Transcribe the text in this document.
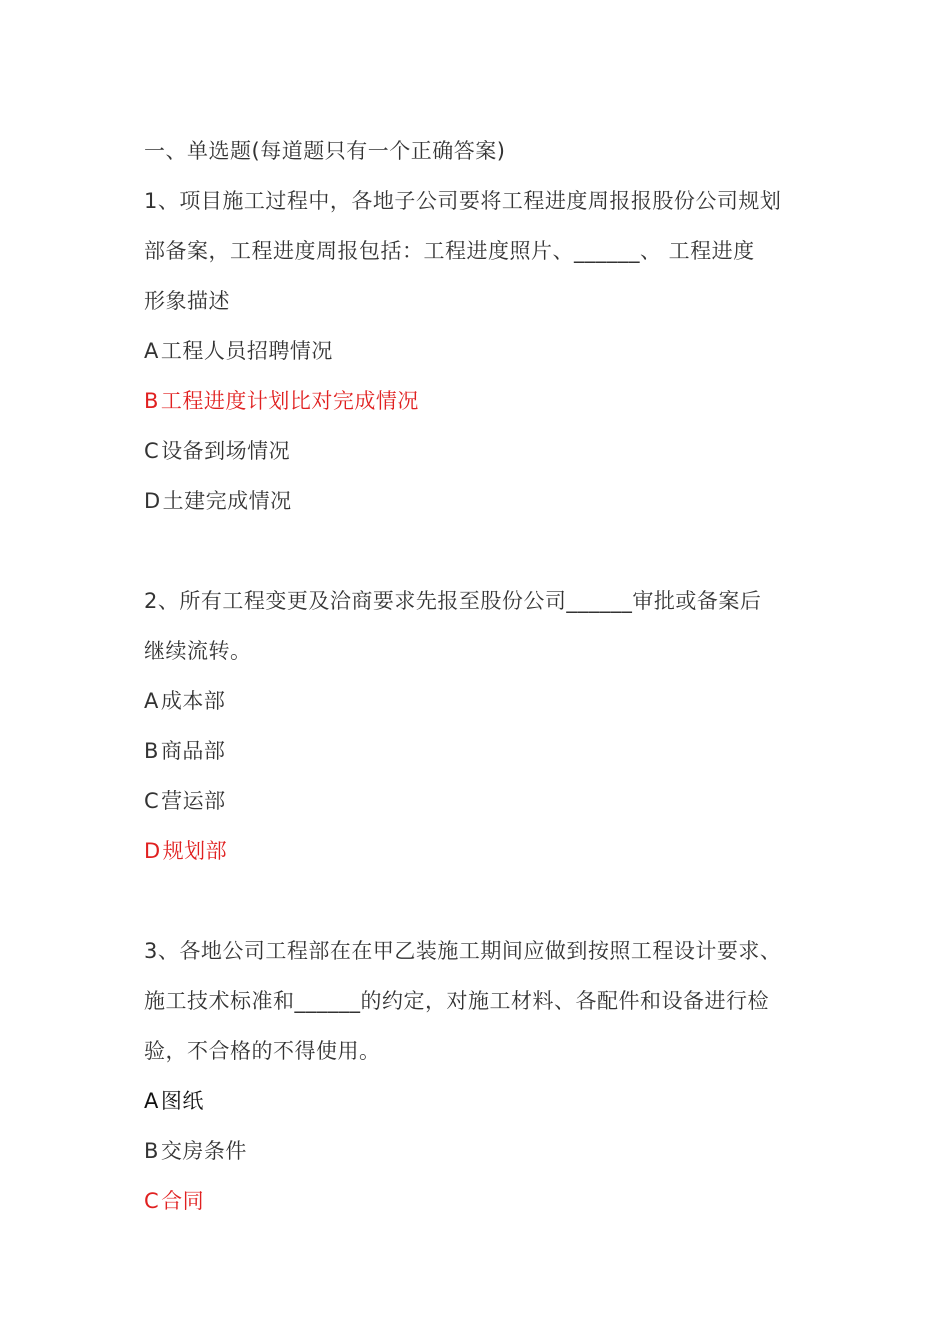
一、单选题(每道题只有一个正确答案)
1、项目施工过程中，各地子公司要将工程进度周报报股份公司规划
部备案，工程进度周报包括：工程进度照片、______、 工程进度
形象描述
A工程人员招聘情况
B工程进度计划比对完成情况
C设备到场情况
D土建完成情况
2、所有工程变更及洽商要求先报至股份公司______审批或备案后
继续流转。
A成本部
B商品部
C营运部
D规划部
3、各地公司工程部在在甲乙装施工期间应做到按照工程设计要求、
施工技术标准和______的约定，对施工材料、各配件和设备进行检
验，不合格的不得使用。
A图纸
B交房条件
C合同
